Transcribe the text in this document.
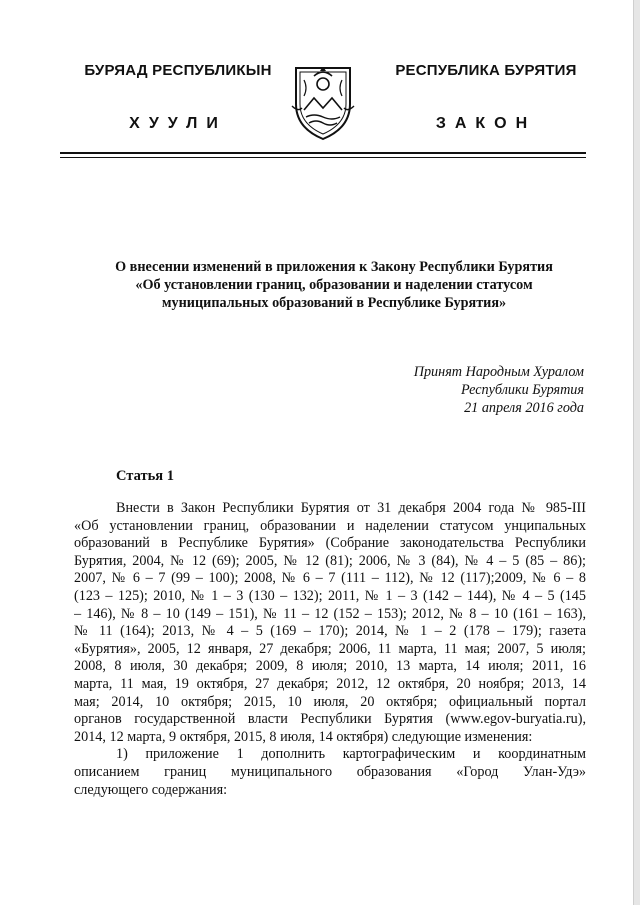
БУРЯАД РЕСПУБЛИКЫН	РЕСПУБЛИКА БУРЯТИЯ
ХУУЛИ	ЗАКОН
О внесении изменений в приложения к Закону Республики Бурятия
«Об установлении границ, образовании и наделении статусом
муниципальных образований в Республике Бурятия»
Принят Народным Хуралом
Республики Бурятия
21 апреля 2016 года
Статья 1
Внести в Закон Республики Бурятия от 31 декабря 2004 года № 985-III
«Об установлении границ, образовании и наделении статусом унципальных
образований в Республике Бурятия» (Собрание законодательства Республики
Бурятия, 2004, № 12 (69); 2005, № 12 (81); 2006, № 3 (84), № 4 – 5 (85 – 86);
2007, № 6 – 7 (99 – 100); 2008, № 6 – 7 (111 – 112), № 12 (117);2009, № 6 – 8
(123 – 125); 2010, № 1 – 3 (130 – 132); 2011, № 1 – 3 (142 – 144), № 4 – 5 (145
– 146), № 8 – 10 (149 – 151), № 11 – 12 (152 – 153); 2012, № 8 – 10 (161 – 163),
№ 11 (164); 2013, № 4 – 5 (169 – 170); 2014, № 1 – 2 (178 – 179); газета
«Бурятия», 2005, 12 января, 27 декабря; 2006, 11 марта, 11 мая; 2007, 5 июля;
2008, 8 июля, 30 декабря; 2009, 8 июля; 2010, 13 марта, 14 июля; 2011, 16
марта, 11 мая, 19 октября, 27 декабря; 2012, 12 октября, 20 ноября; 2013, 14
мая; 2014, 10 октября; 2015, 10 июля, 20 октября; официальный портал
органов государственной власти Республики Бурятия (www.egov-buryatia.ru),
2014, 12 марта, 9 октября, 2015, 8 июля, 14 октября) следующие изменения:
1) приложение 1 дополнить картографическим и координатным
описанием границ муниципального образования «Город Улан-Удэ»
следующего содержания:
